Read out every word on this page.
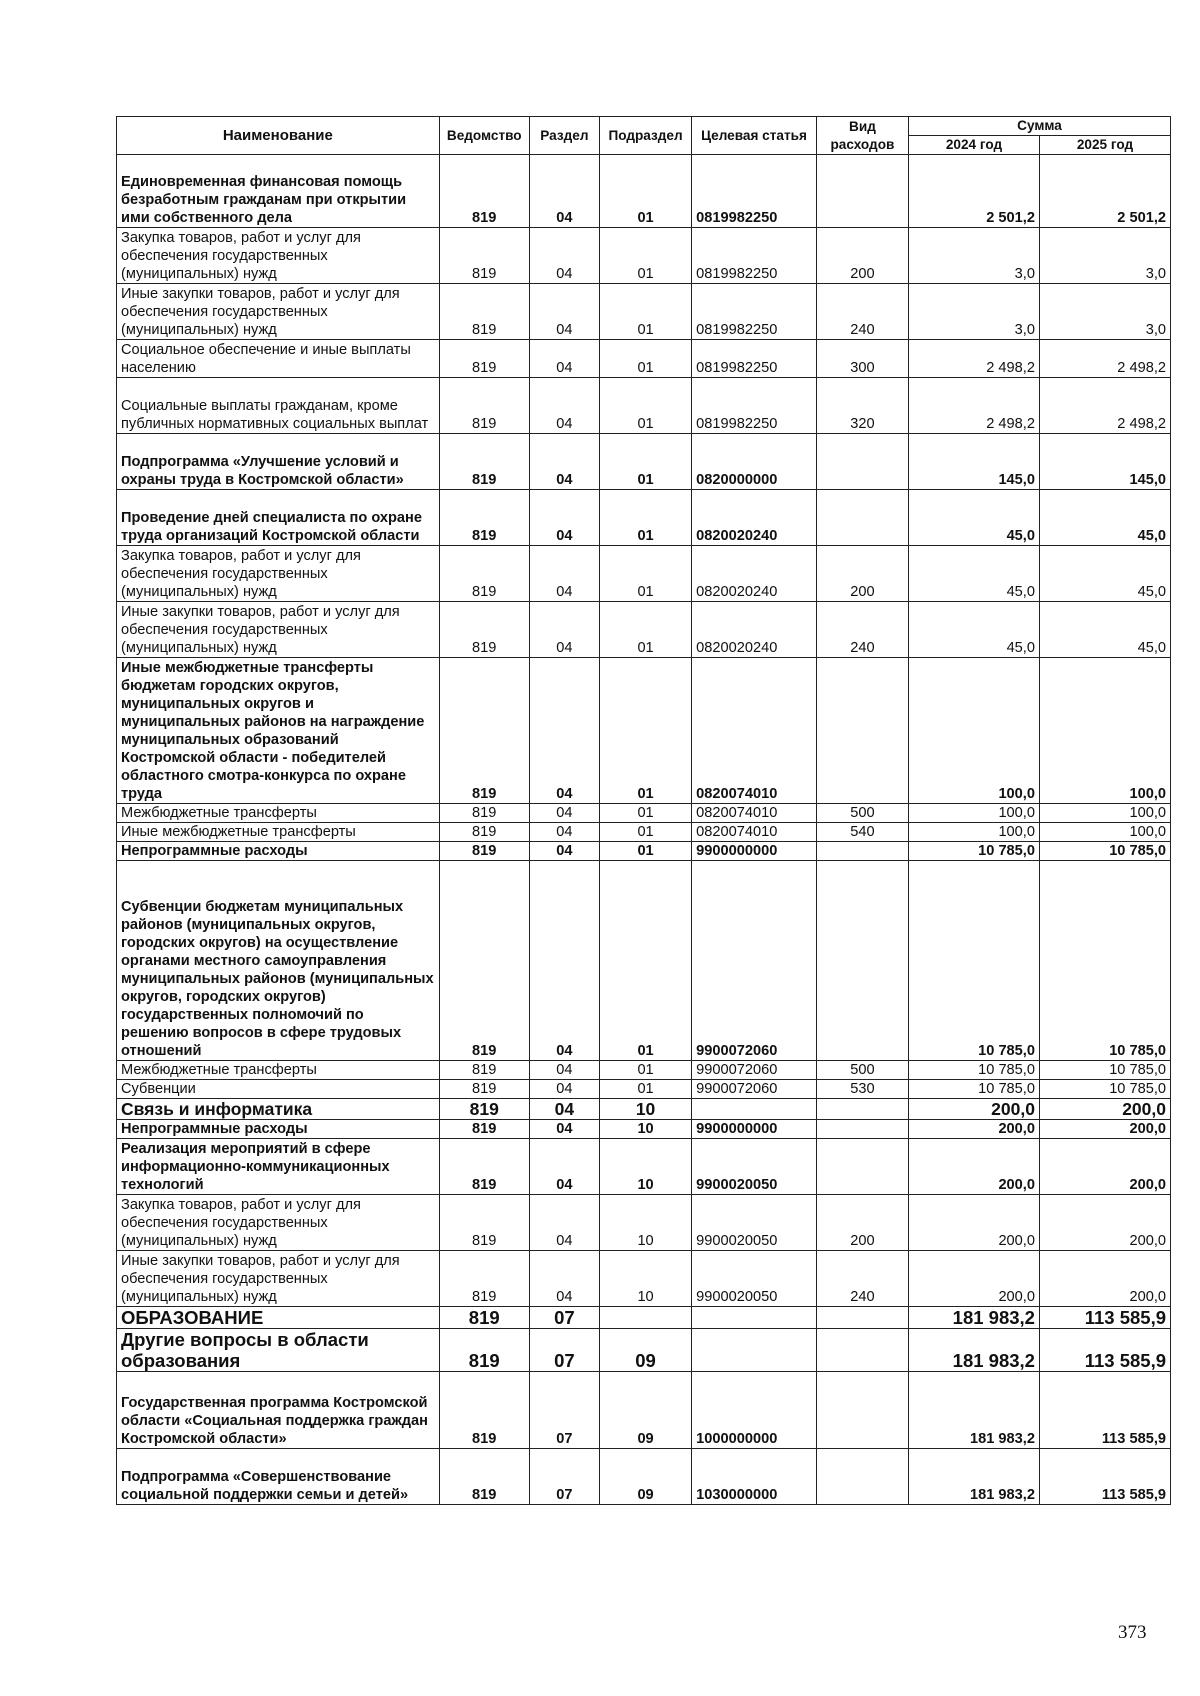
Наименование	Ведомство	Раздел	Подраздел	Целевая статья	Вид расходов	Сумма	
						2024 год	2025 год
Единовременная финансовая помощь безработным гражданам при открытии ими собственного дела	819	04	01	0819982250		2 501,2	2 501,2
Закупка товаров, работ и услуг для обеспечения государственных (муниципальных) нужд	819	04	01	0819982250	200	3,0	3,0
Иные закупки товаров, работ и услуг для обеспечения государственных (муниципальных) нужд	819	04	01	0819982250	240	3,0	3,0
Социальное обеспечение и иные выплаты населению	819	04	01	0819982250	300	2 498,2	2 498,2
Социальные выплаты гражданам, кроме публичных нормативных социальных выплат	819	04	01	0819982250	320	2 498,2	2 498,2
Подпрограмма «Улучшение условий и охраны труда в Костромской области»	819	04	01	0820000000		145,0	145,0
Проведение дней специалиста по охране труда организаций Костромской области	819	04	01	0820020240		45,0	45,0
Закупка товаров, работ и услуг для обеспечения государственных (муниципальных) нужд	819	04	01	0820020240	200	45,0	45,0
Иные закупки товаров, работ и услуг для обеспечения государственных (муниципальных) нужд	819	04	01	0820020240	240	45,0	45,0
Иные межбюджетные трансферты бюджетам городских округов, муниципальных округов и муниципальных районов на награждение муниципальных образований Костромской области - победителей областного смотра-конкурса по охране труда	819	04	01	0820074010		100,0	100,0
Межбюджетные трансферты	819	04	01	0820074010	500	100,0	100,0
Иные межбюджетные трансферты	819	04	01	0820074010	540	100,0	100,0
Непрограммные расходы	819	04	01	9900000000		10 785,0	10 785,0
Субвенции бюджетам муниципальных районов (муниципальных округов, городских округов) на осуществление органами местного самоуправления муниципальных районов (муниципальных округов, городских округов) государственных полномочий по решению вопросов в сфере трудовых отношений	819	04	01	9900072060		10 785,0	10 785,0
Межбюджетные трансферты	819	04	01	9900072060	500	10 785,0	10 785,0
Субвенции	819	04	01	9900072060	530	10 785,0	10 785,0
Связь и информатика	819	04	10			200,0	200,0
Непрограммные расходы	819	04	10	9900000000		200,0	200,0
Реализация мероприятий в сфере информационно-коммуникационных технологий	819	04	10	9900020050		200,0	200,0
Закупка товаров, работ и услуг для обеспечения государственных (муниципальных) нужд	819	04	10	9900020050	200	200,0	200,0
Иные закупки товаров, работ и услуг для обеспечения государственных (муниципальных) нужд	819	04	10	9900020050	240	200,0	200,0
ОБРАЗОВАНИЕ	819	07				181 983,2	113 585,9
Другие вопросы в области образования	819	07	09			181 983,2	113 585,9
Государственная программа Костромской области «Социальная поддержка граждан Костромской области»	819	07	09	1000000000		181 983,2	113 585,9
Подпрограмма «Совершенствование социальной поддержки семьи и детей»	819	07	09	1030000000		181 983,2	113 585,9
373
